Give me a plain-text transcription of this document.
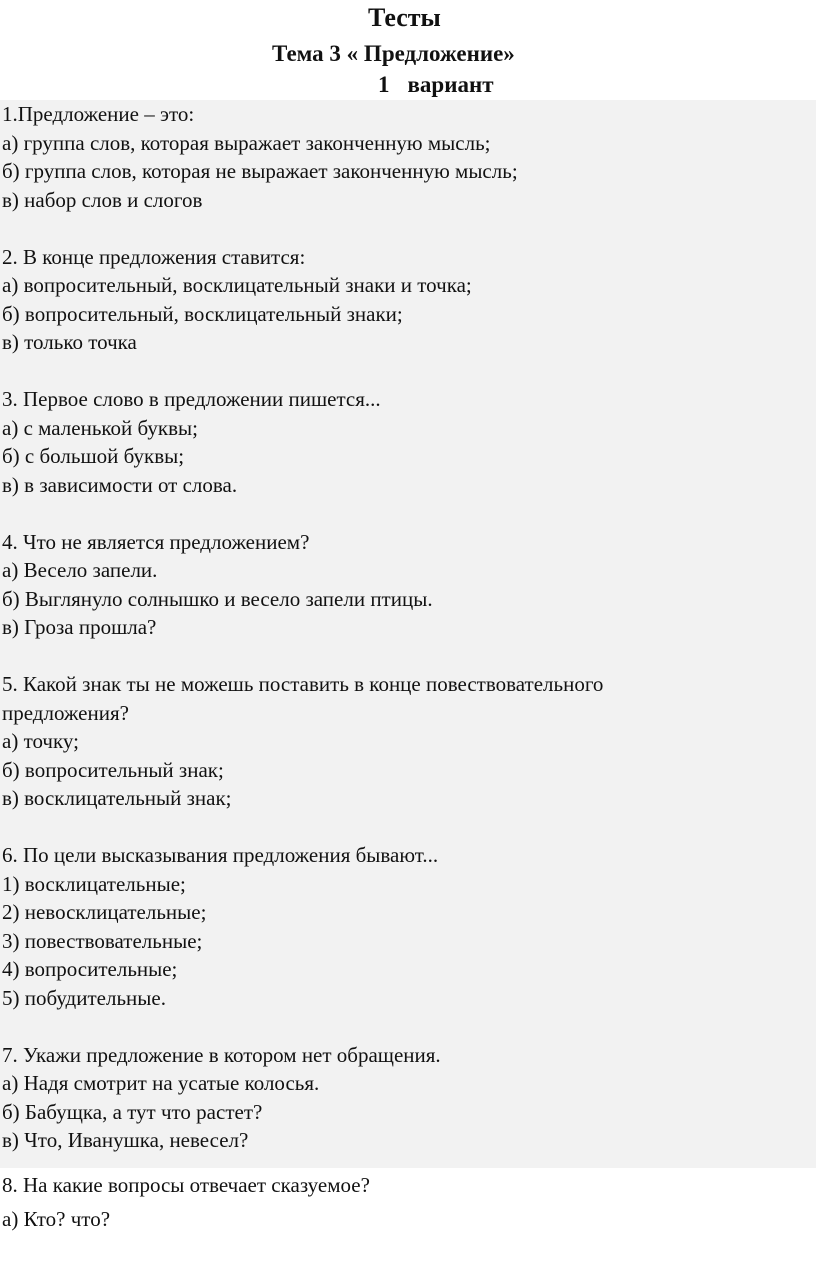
Тесты
Тема 3 « Предложение»
1 вариант
1.Предложение – это:
а) группа слов, которая выражает законченную мысль;
б) группа слов, которая не выражает законченную мысль;
в) набор слов и слогов
2. В конце предложения ставится:
а) вопросительный, восклицательный знаки и точка;
б) вопросительный, восклицательный знаки;
в) только точка
3. Первое слово в предложении пишется...
а) с маленькой буквы;
б) с большой буквы;
в) в зависимости от слова.
4. Что не является предложением?
а) Весело запели.
б) Выглянуло солнышко и весело запели птицы.
в) Гроза прошла?
5. Какой знак ты не можешь поставить в конце повествовательного
предложения?
а) точку;
б) вопросительный знак;
в) восклицательный знак;
6. По цели высказывания предложения бывают...
1) восклицательные;
2) невосклицательные;
3) повествовательные;
4) вопросительные;
5) побудительные.
7. Укажи предложение в котором нет обращения.
а) Надя смотрит на усатые колосья.
б) Бабущка, а тут что растет?
в) Что, Иванушка, невесел?
8. На какие вопросы отвечает сказуемое?
а) Кто? что?
